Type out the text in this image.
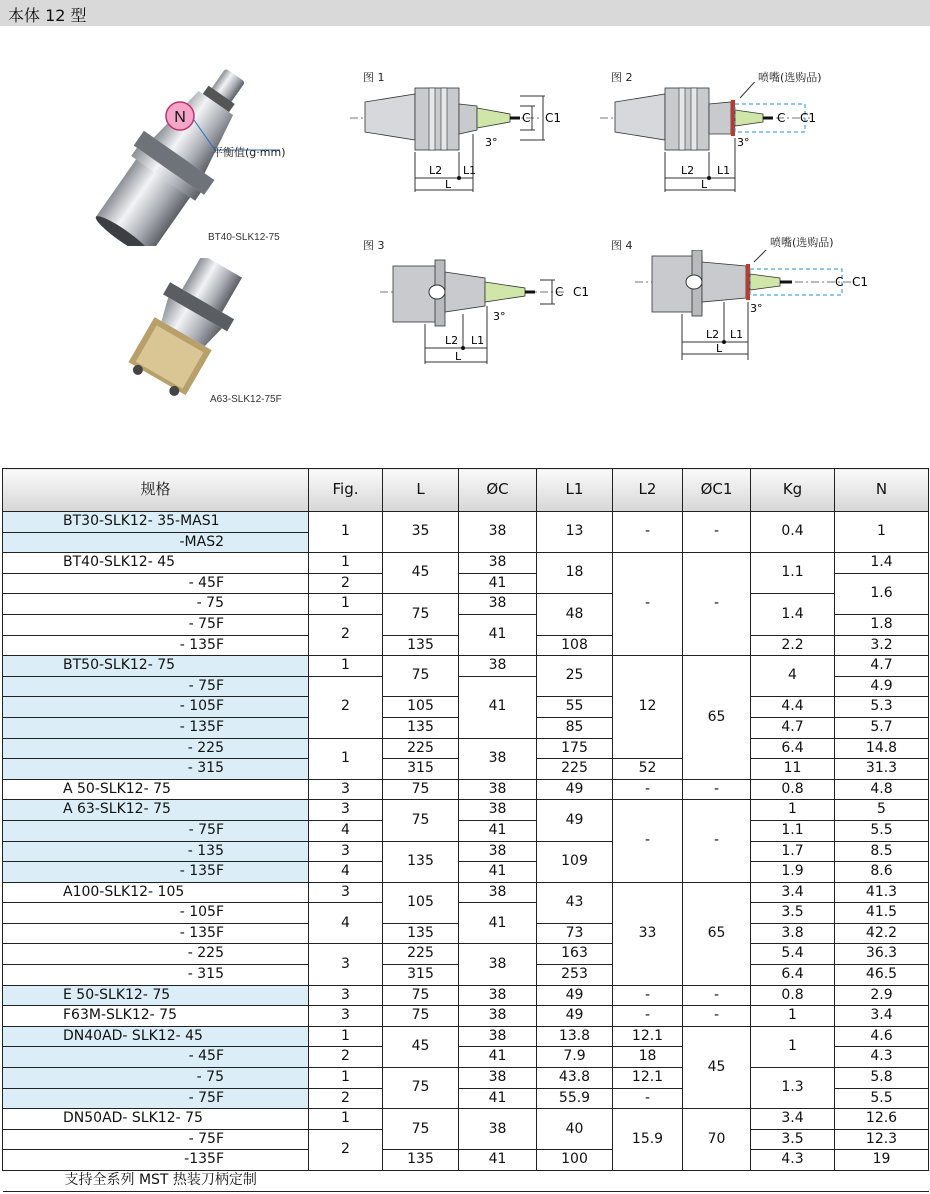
本体 12 型
N
平衡值(g·mm)
BT40-SLK12-75
A63-SLK12-75F
图 1
C C1
3°
L2 L1
L
图 2	喷嘴(选购品)
C C1
3°
L2 L1
L
图 3
C C1
3°
L2 L1
L
图 4	喷嘴(选购品)
C C1
3°
L2 L1
L
规格	Fig.	L	ØC	L1	L2	ØC1	Kg	N
BT30-SLK12- 35-MAS1	1	35	38	13	-	-	0.4	1
-MAS2								
BT40-SLK12- 45	1	45	38	18	-	-	1.1	1.4
- 45F	2		41					1.6
- 75	1	75	38	48			1.4	
- 75F	2		41					1.8
- 135F		135		108			2.2	3.2
BT50-SLK12- 75	1	75	38	25	12	65	4	4.7
- 75F	2		41					4.9
- 105F		105		55			4.4	5.3
- 135F		135		85			4.7	5.7
- 225	1	225	38	175			6.4	14.8
- 315		315		225	52		11	31.3
A 50-SLK12- 75	3	75	38	49	-	-	0.8	4.8
A 63-SLK12- 75	3	75	38	49	-	-	1	5
- 75F	4		41				1.1	5.5
- 135	3	135	38	109			1.7	8.5
- 135F	4		41				1.9	8.6
A100-SLK12- 105	3	105	38	43	33	65	3.4	41.3
- 105F	4		41				3.5	41.5
- 135F		135		73			3.8	42.2
- 225	3	225	38	163			5.4	36.3
- 315		315		253			6.4	46.5
E 50-SLK12- 75	3	75	38	49	-	-	0.8	2.9
F63M-SLK12- 75	3	75	38	49	-	-	1	3.4
DN40AD- SLK12- 45	1	45	38	13.8	12.1	45	1	4.6
- 45F	2		41	7.9	18			4.3
- 75	1	75	38	43.8	12.1		1.3	5.8
- 75F	2		41	55.9	-			5.5
DN50AD- SLK12- 75	1	75	38	40	15.9	70	3.4	12.6
- 75F	2						3.5	12.3
-135F		135	41	100			4.3	19
支持全系列 MST 热装刀柄定制								
